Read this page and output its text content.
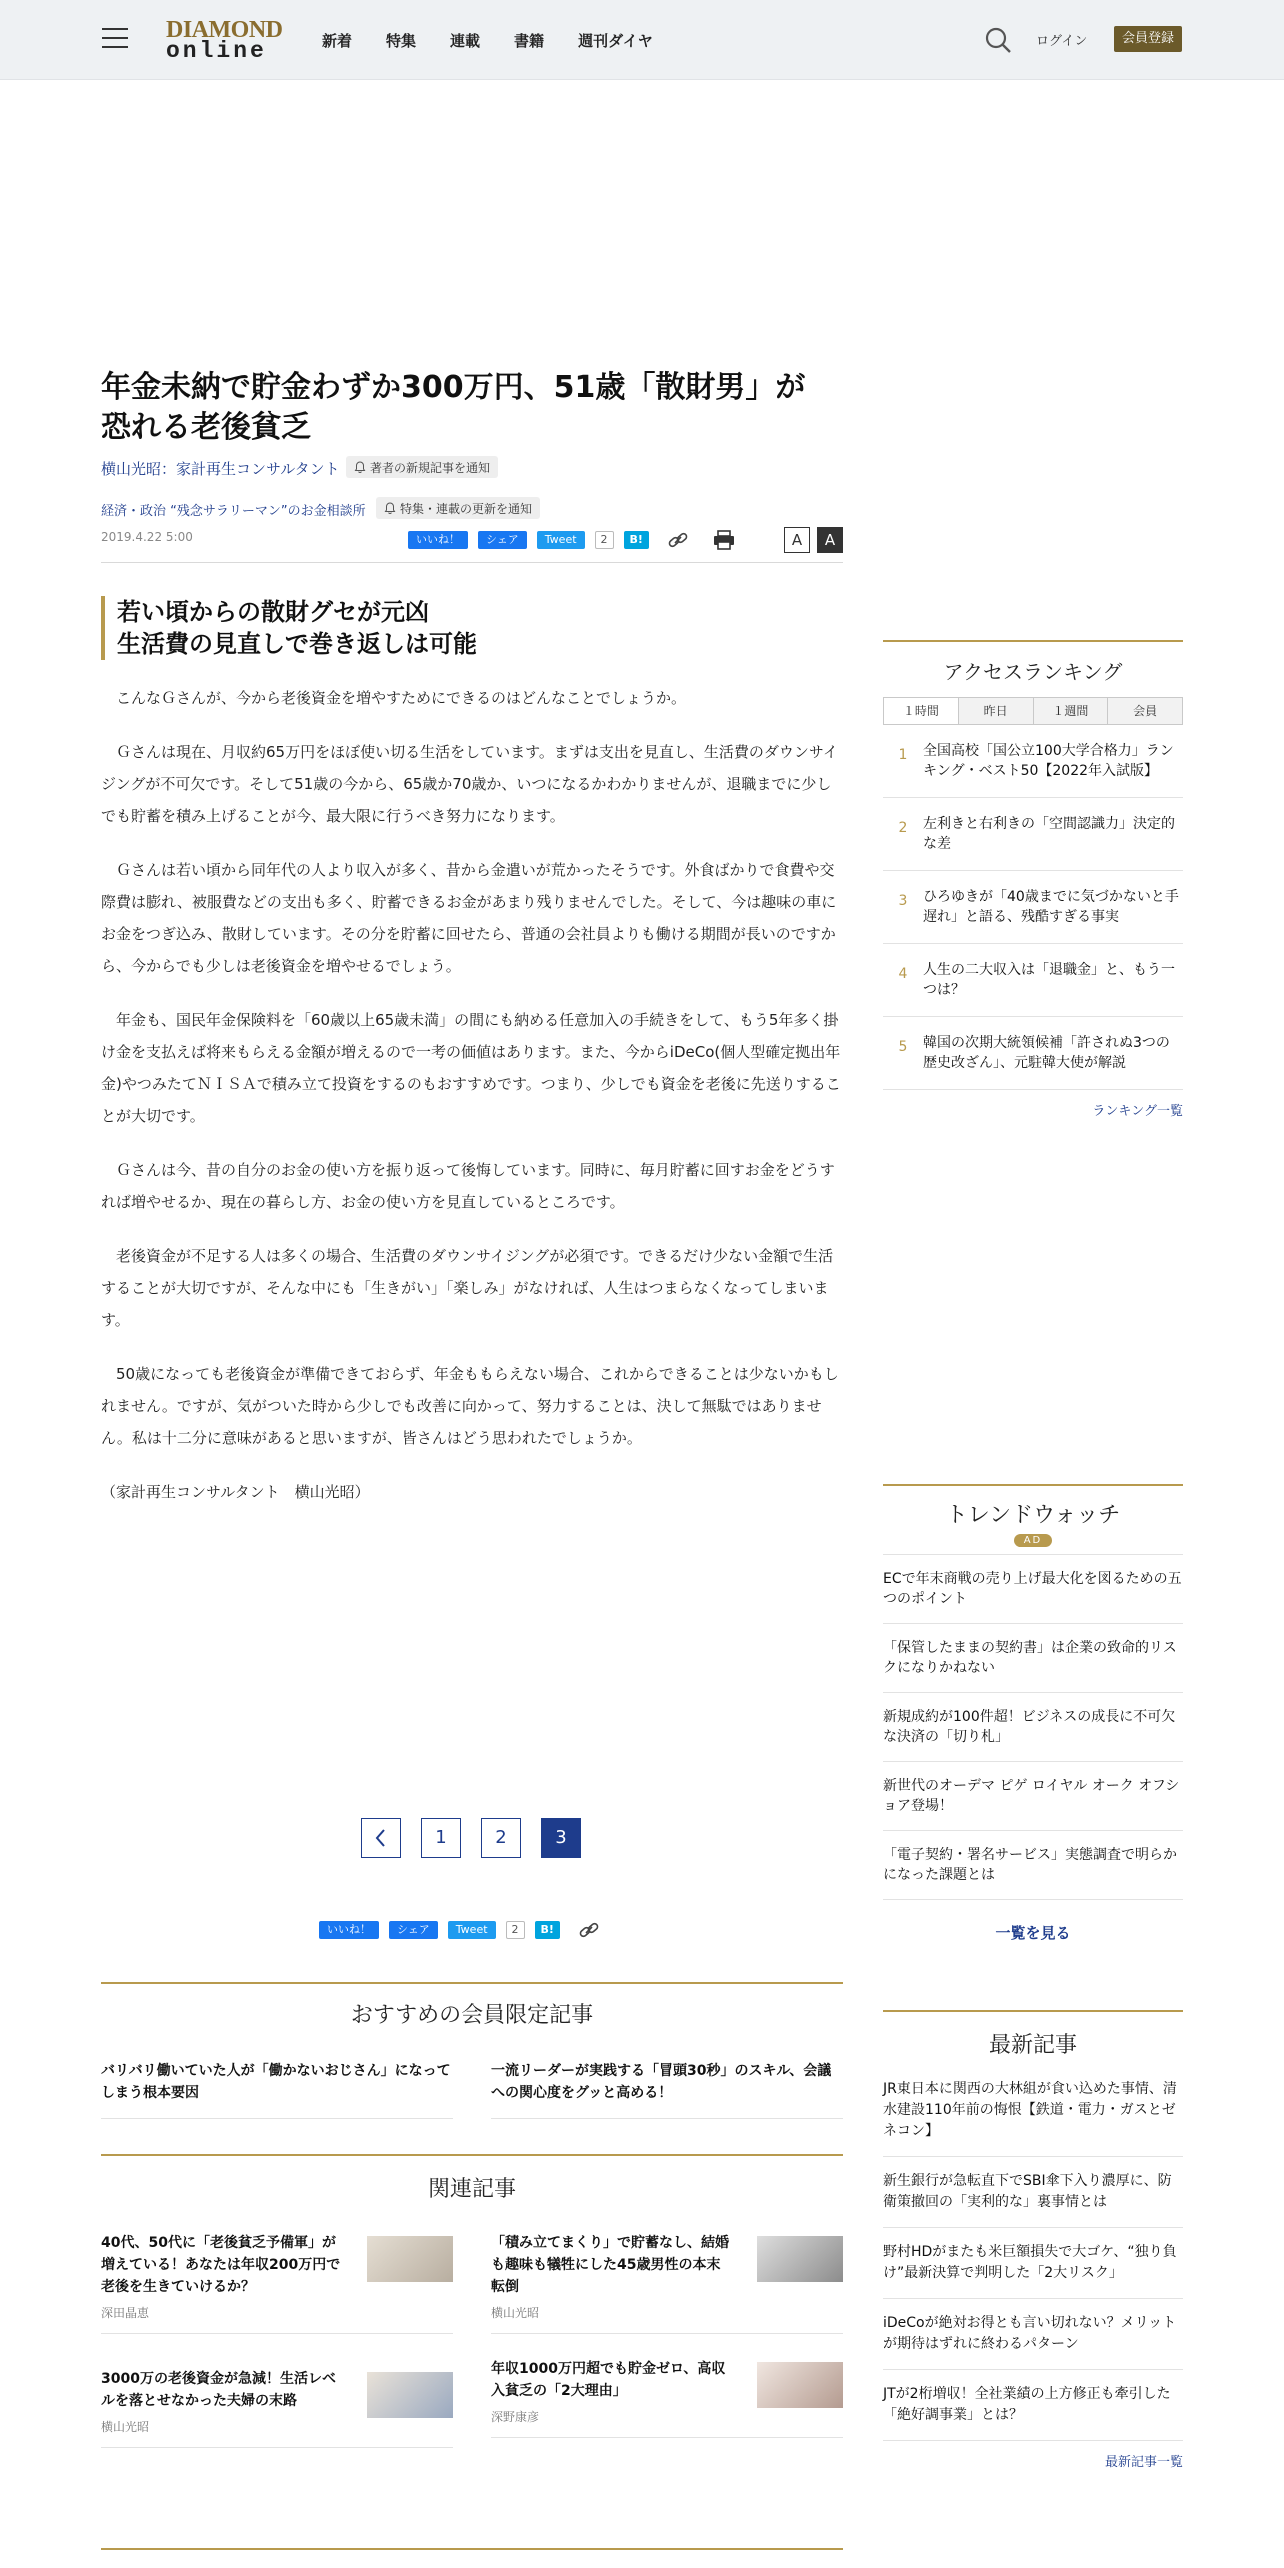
DIAMOND
online	新着 特集 連載 書籍 週刊ダイヤ	ログイン	会員登録
年金未納で貯金わずか300万円、51歳「散財男」が恐れる老後貧乏
横山光昭：家計再生コンサルタント	著者の新規記事を通知
経済・政治 “残念サラリーマン”のお金相談所	特集・連載の更新を通知
2019.4.22 5:00	いいね！	シェア	Tweet	2	B!	A	A
若い頃からの散財グセが元凶
生活費の見直しで巻き返しは可能

こんなＧさんが、今から老後資金を増やすためにできるのはどんなことでしょうか。

Ｇさんは現在、月収約65万円をほぼ使い切る生活をしています。まずは支出を見直し、生活費のダウンサイジングが不可欠です。そして51歳の今から、65歳か70歳か、いつになるかわかりませんが、退職までに少しでも貯蓄を積み上げることが今、最大限に行うべき努力になります。

Ｇさんは若い頃から同年代の人より収入が多く、昔から金遣いが荒かったそうです。外食ばかりで食費や交際費は膨れ、被服費などの支出も多く、貯蓄できるお金があまり残りませんでした。そして、今は趣味の車にお金をつぎ込み、散財しています。その分を貯蓄に回せたら、普通の会社員よりも働ける期間が長いのですから、今からでも少しは老後資金を増やせるでしょう。

年金も、国民年金保険料を「60歳以上65歳未満」の間にも納める任意加入の手続きをして、もう5年多く掛け金を支払えば将来もらえる金額が増えるので一考の価値はあります。また、今からiDeCo(個人型確定拠出年金)やつみたてＮＩＳＡで積み立て投資をするのもおすすめです。つまり、少しでも資金を老後に先送りすることが大切です。

Ｇさんは今、昔の自分のお金の使い方を振り返って後悔しています。同時に、毎月貯蓄に回すお金をどうすれば増やせるか、現在の暮らし方、お金の使い方を見直しているところです。

老後資金が不足する人は多くの場合、生活費のダウンサイジングが必須です。できるだけ少ない金額で生活することが大切ですが、そんな中にも「生きがい」「楽しみ」がなければ、人生はつまらなくなってしまいます。

50歳になっても老後資金が準備できておらず、年金ももらえない場合、これからできることは少ないかもしれません。ですが、気がついた時から少しでも改善に向かって、努力することは、決して無駄ではありません。私は十二分に意味があると思いますが、皆さんはどう思われたでしょうか。

（家計再生コンサルタント　横山光昭）

1	2	3
いいね！	シェア	Tweet	2	B!
おすすめの会員限定記事
バリバリ働いていた人が「働かないおじさん」になってしまう根本要因
一流リーダーが実践する「冒頭30秒」のスキル、会議への関心度をグッと高める！
関連記事
40代、50代に「老後貧乏予備軍」が増えている！あなたは年収200万円で老後を生きていけるか？
深田晶恵
「積み立てまくり」で貯蓄なし、結婚も趣味も犠牲にした45歳男性の本末転倒
横山光昭
3000万の老後資金が急減！生活レベルを落とせなかった夫婦の末路
横山光昭
年収1000万円超でも貯金ゼロ、高収入貧乏の「2大理由」
深野康彦
アクセスランキング
１時間	昨日	１週間	会員
1	全国高校「国公立100大学合格力」ランキング・ベスト50【2022年入試版】
2	左利きと右利きの「空間認識力」決定的な差
3	ひろゆきが「40歳までに気づかないと手遅れ」と語る、残酷すぎる事実
4	人生の二大収入は「退職金」と、もう一つは？
5	韓国の次期大統領候補「許されぬ3つの歴史改ざん」、元駐韓大使が解説
ランキング一覧
トレンドウォッチ
AD
ECで年末商戦の売り上げ最大化を図るための五つのポイント
「保管したままの契約書」は企業の致命的リスクになりかねない
新規成約が100件超！ビジネスの成長に不可欠な決済の「切り札」
新世代のオーデマ ピゲ ロイヤル オーク オフショア登場！
「電子契約・署名サービス」実態調査で明らかになった課題とは
一覧を見る
最新記事
JR東日本に関西の大林組が食い込めた事情、清水建設110年前の悔恨【鉄道・電力・ガスとゼネコン】
新生銀行が急転直下でSBI傘下入り濃厚に、防衛策撤回の「実利的な」裏事情とは
野村HDがまたも米巨額損失で大ゴケ、“独り負け”最新決算で判明した「2大リスク」
iDeCoが絶対お得とも言い切れない？メリットが期待はずれに終わるパターン
JTが2桁増収！全社業績の上方修正も牽引した「絶好調事業」とは？
最新記事一覧
